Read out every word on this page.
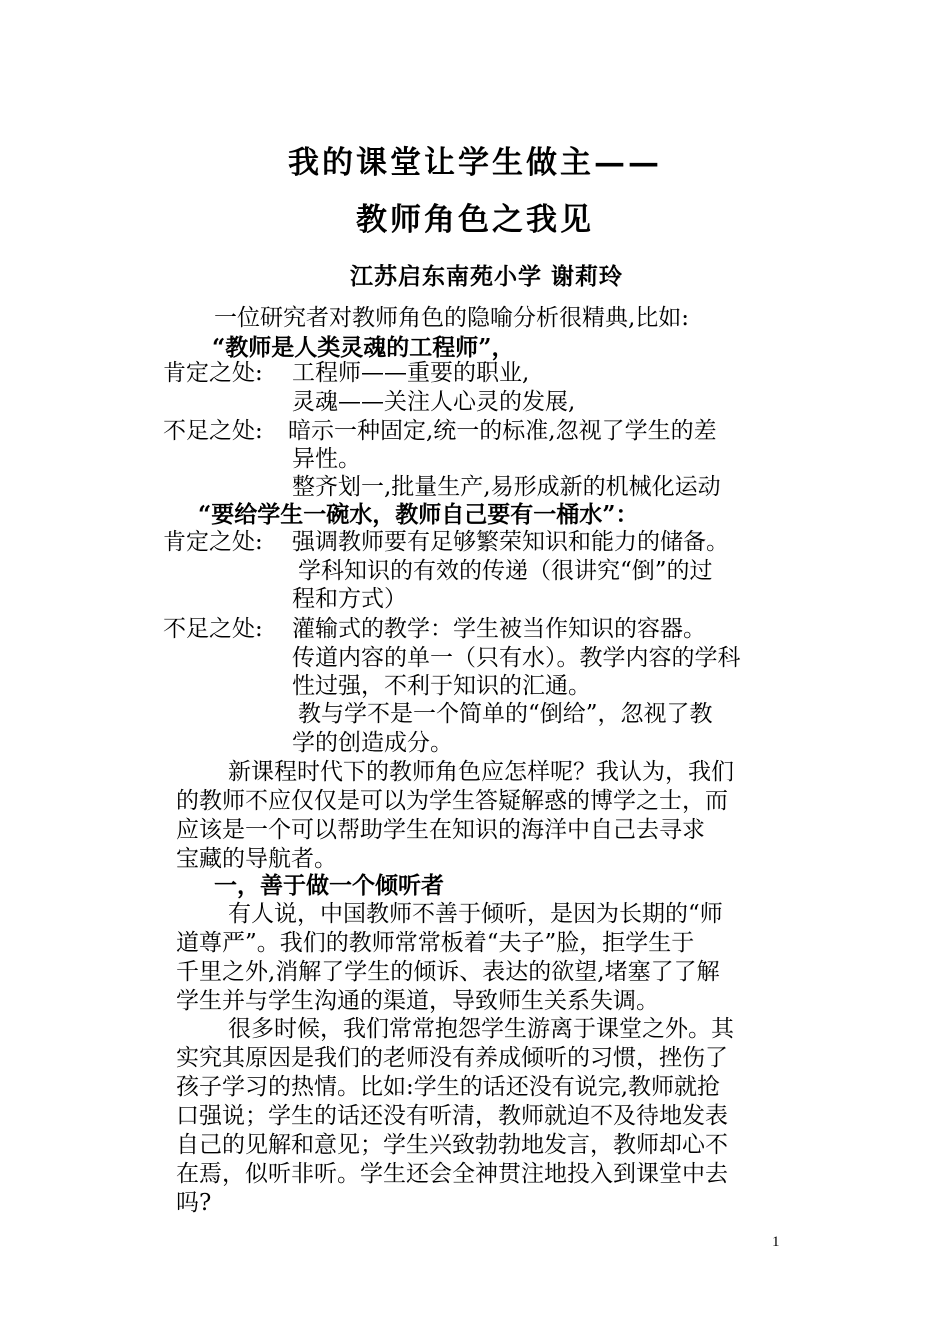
我的课堂让学生做主——
教师角色之我见
江苏启东南苑小学 谢莉玲
一位研究者对教师角色的隐喻分析很精典,比如:
“教师是人类灵魂的工程师”，
肯定之处: 工程师——重要的职业,
灵魂——关注人心灵的发展,
不足之处: 暗示一种固定,统一的标准,忽视了学生的差
异性。
整齐划一,批量生产,易形成新的机械化运动
“要给学生一碗水，教师自己要有一桶水”：
肯定之处: 强调教师要有足够繁荣知识和能力的储备。
学科知识的有效的传递（很讲究“倒”的过
程和方式）
不足之处: 灌输式的教学：学生被当作知识的容器。
传道内容的单一（只有水）。教学内容的学科
性过强，不利于知识的汇通。
教与学不是一个简单的“倒给”，忽视了教
学的创造成分。
新课程时代下的教师角色应怎样呢？我认为，我们
的教师不应仅仅是可以为学生答疑解惑的博学之士，而
应该是一个可以帮助学生在知识的海洋中自己去寻求
宝藏的导航者。
一，善于做一个倾听者
有人说，中国教师不善于倾听，是因为长期的“师
道尊严”。我们的教师常常板着“夫子”脸，拒学生于
千里之外,消解了学生的倾诉、表达的欲望,堵塞了了解
学生并与学生沟通的渠道，导致师生关系失调。
很多时候，我们常常抱怨学生游离于课堂之外。其
实究其原因是我们的老师没有养成倾听的习惯，挫伤了
孩子学习的热情。比如:学生的话还没有说完,教师就抢
口强说；学生的话还没有听清，教师就迫不及待地发表
自己的见解和意见；学生兴致勃勃地发言，教师却心不
在焉，似听非听。学生还会全神贯注地投入到课堂中去
吗?
1
